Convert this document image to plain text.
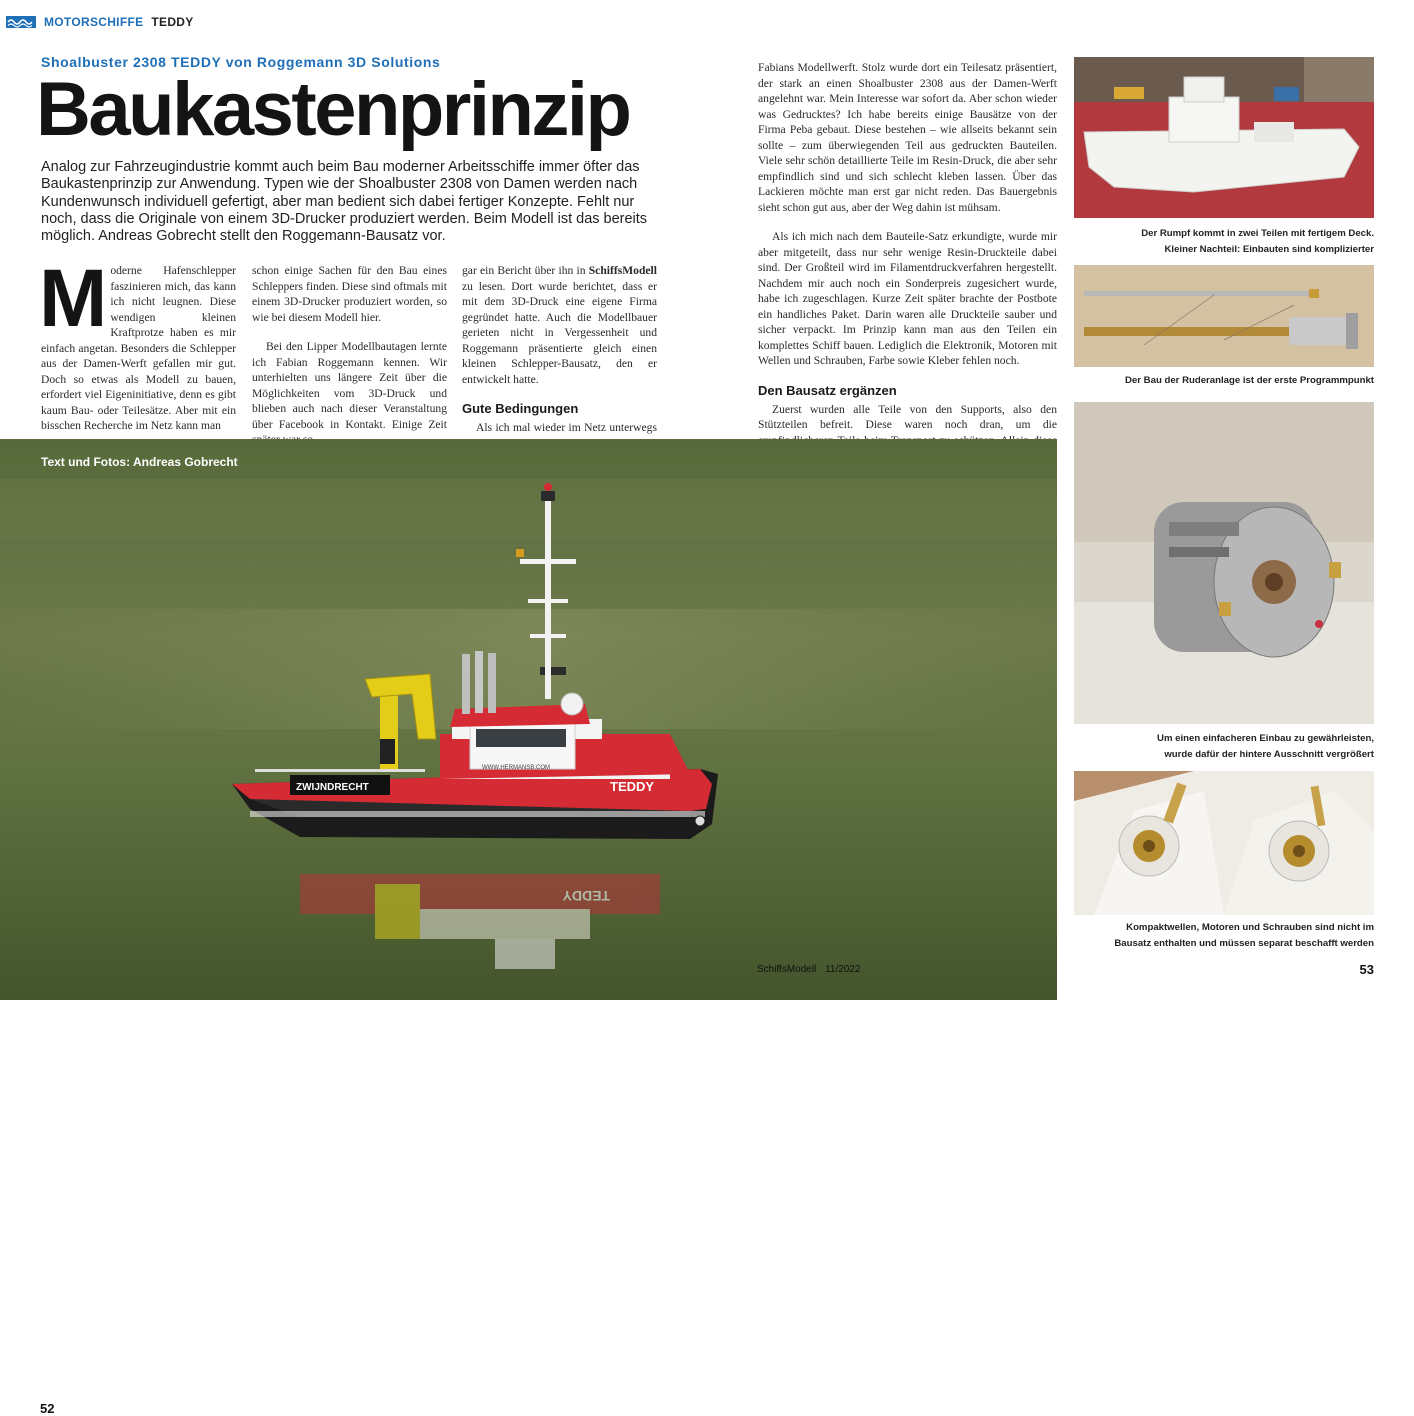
MOTORSCHIFFE TEDDY
Shoalbuster 2308 TEDDY von Roggemann 3D Solutions
Baukastenprinzip

Analog zur Fahrzeugindustrie kommt auch beim Bau moderner Arbeitsschiffe immer öfter das Baukastenprinzip zur Anwendung. Typen wie der Shoalbuster 2308 von Damen werden nach Kundenwunsch individuell gefertigt, aber man bedient sich dabei fertiger Konzepte. Fehlt nur noch, dass die Originale von einem 3D-Drucker produziert werden. Beim Modell ist das bereits möglich. Andreas Gobrecht stellt den Roggemann-Bausatz vor.

M oderne Hafenschlepper faszinieren mich, das kann ich nicht leugnen. Diese wendigen kleinen Kraftprotze haben es mir einfach angetan. Besonders die Schlepper aus der Damen-Werft gefallen mir gut. Doch so etwas als Modell zu bauen, erfordert viel Eigeninitiative, denn es gibt kaum Bau- oder Teilesätze. Aber mit ein bisschen Recherche im Netz kann man

schon einige Sachen für den Bau eines Schleppers finden. Diese sind oftmals mit einem 3D-Drucker produziert worden, so wie bei diesem Modell hier.

Bei den Lipper Modellbautagen lernte ich Fabian Roggemann kennen. Wir unterhielten uns längere Zeit über die Möglichkeiten vom 3D-Druck und blieben auch nach dieser Veranstaltung über Facebook in Kontakt. Einige Zeit

gar ein Bericht über ihn in SchiffsModell zu lesen. Dort wurde berichtet, dass er mit dem 3D-Druck eine eigene Firma gegründet hatte. Auch die Modellbauer gerieten nicht in Vergessenheit und Roggemann präsentierte gleich einen kleinen Schlepper-Bausatz, den er entwickelt hatte.

Gute Bedingungen

Als ich mal wieder im Netz unterwegs

Fabians Modellwerft. Stolz wurde dort ein Teilesatz präsentiert, der stark an einen Shoalbuster 2308 aus der Damen-Werft angelehnt war. Mein Interesse war sofort da. Aber schon wieder was Gedrucktes? Ich habe bereits einige Bausätze von der Firma Peba gebaut. Diese bestehen – wie allseits bekannt sein sollte – zum überwiegenden Teil aus gedruckten Bauteilen. Viele sehr schön detaillierte Teile im Resin-Druck, die aber sehr empfindlich sind und sich schlecht kleben lassen. Über das Lackieren möchte man erst gar nicht reden. Das Bauergebnis sieht schon gut aus, aber der Weg dahin ist mühsam.

Als ich mich nach dem Bauteile-Satz erkundigte, wurde mir aber mitgeteilt, dass nur sehr wenige Resin-Druckteile dabei sind. Der Großteil wird im Filamentdruckverfahren hergestellt. Nachdem mir auch noch ein Sonderpreis zugesichert wurde, habe ich zugeschlagen. Kurze Zeit später brachte der Postbote ein handliches Paket. Darin waren alle Druckteile sauber und sicher verpackt. Im Prinzip kann man aus den Teilen ein komplettes Schiff bauen. Lediglich die Elektronik, Motoren mit Wellen und Schrauben, Farbe sowie Kleber fehlen noch.

Den Bausatz ergänzen

Zuerst wurden alle Teile von den Supports, also den Stützteilen befreit. Diese waren noch dran, um die

TEDDY
ZWIJNDRECHT	TEDDY
WWW.HERMANSB.COM
Text und Fotos: Andreas Gobrecht
52
SchiffsModell 11/2022
Der Rumpf kommt in zwei Teilen mit fertigem Deck.
Kleiner Nachteil: Einbauten sind komplizierter
Der Bau der Ruderanlage ist der erste Programmpunkt
Um einen einfacheren Einbau zu gewährleisten,
wurde dafür der hintere Ausschnitt vergrößert
Kompaktwellen, Motoren und Schrauben sind nicht im
Bausatz enthalten und müssen separat beschafft werden
53
